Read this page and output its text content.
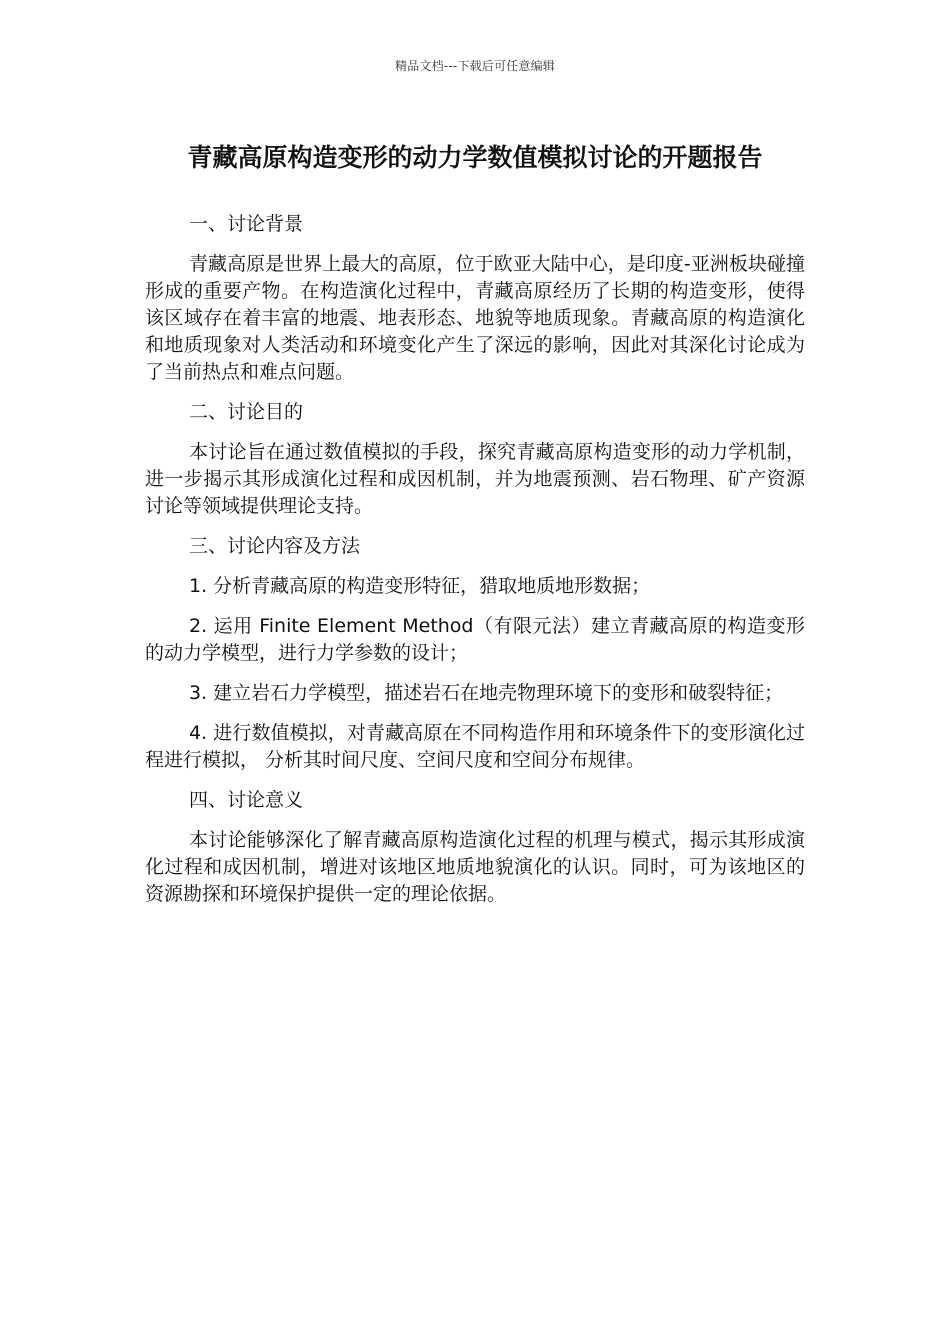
精品文档---下载后可任意编辑
青藏高原构造变形的动力学数值模拟讨论的开题报告

一、讨论背景

青藏高原是世界上最大的高原，位于欧亚大陆中心，是印度-亚洲板块碰撞形成的重要产物。在构造演化过程中，青藏高原经历了长期的构造变形，使得该区域存在着丰富的地震、地表形态、地貌等地质现象。青藏高原的构造演化和地质现象对人类活动和环境变化产生了深远的影响，因此对其深化讨论成为了当前热点和难点问题。

二、讨论目的

本讨论旨在通过数值模拟的手段，探究青藏高原构造变形的动力学机制，进一步揭示其形成演化过程和成因机制，并为地震预测、岩石物理、矿产资源讨论等领域提供理论支持。

三、讨论内容及方法

1. 分析青藏高原的构造变形特征，猎取地质地形数据；

2. 运用 Finite Element Method（有限元法）建立青藏高原的构造变形的动力学模型，进行力学参数的设计；

3. 建立岩石力学模型，描述岩石在地壳物理环境下的变形和破裂特征；

4. 进行数值模拟，对青藏高原在不同构造作用和环境条件下的变形演化过程进行模拟， 分析其时间尺度、空间尺度和空间分布规律。

四、讨论意义

本讨论能够深化了解青藏高原构造演化过程的机理与模式，揭示其形成演化过程和成因机制，增进对该地区地质地貌演化的认识。同时，可为该地区的资源勘探和环境保护提供一定的理论依据。
